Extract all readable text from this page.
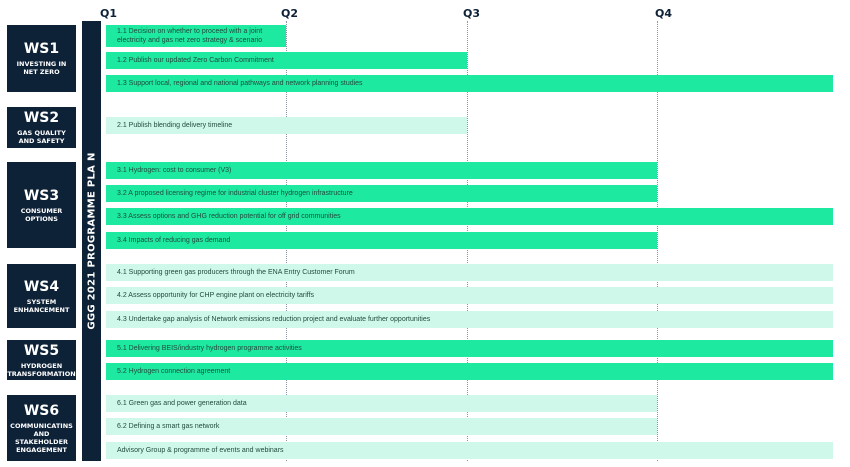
Q1	Q2	Q3	Q4
WS1
INVESTING IN
NET ZERO
WS2
GAS QUALITY
AND SAFETY
WS3
CONSUMER
OPTIONS
WS4
SYSTEM
ENHANCEMENT
WS5
HYDROGEN
TRANSFORMATION
WS6
COMMUNICATINS
AND STAKEHOLDER
ENGAGEMENT
GGG 2021 PROGRAMME PLA N
1.1 Decision on whether to proceed with a joint electricity and gas net zero strategy & scenario
1.2 Publish our updated Zero Carbon Commitment
1.3 Support local, regional and national pathways and network planning studies
2.1 Publish blending delivery timeline
3.1 Hydrogen: cost to consumer (V3)
3.2 A proposed licensing regime for industrial cluster hydrogen infrastructure
3.3 Assess options and GHG reduction potential for off grid communities
3.4 Impacts of reducing gas demand
4.1 Supporting green gas producers through the ENA Entry Customer Forum
4.2 Assess opportunity for CHP engine plant on electricity tariffs
4.3 Undertake gap analysis of Network emissions reduction project and evaluate further opportunities
5.1 Delivering BEIS/industry hydrogen programme activities
5.2 Hydrogen connection agreement
6.1 Green gas and power generation data
6.2 Defining a smart gas network
Advisory Group & programme of events and webinars
